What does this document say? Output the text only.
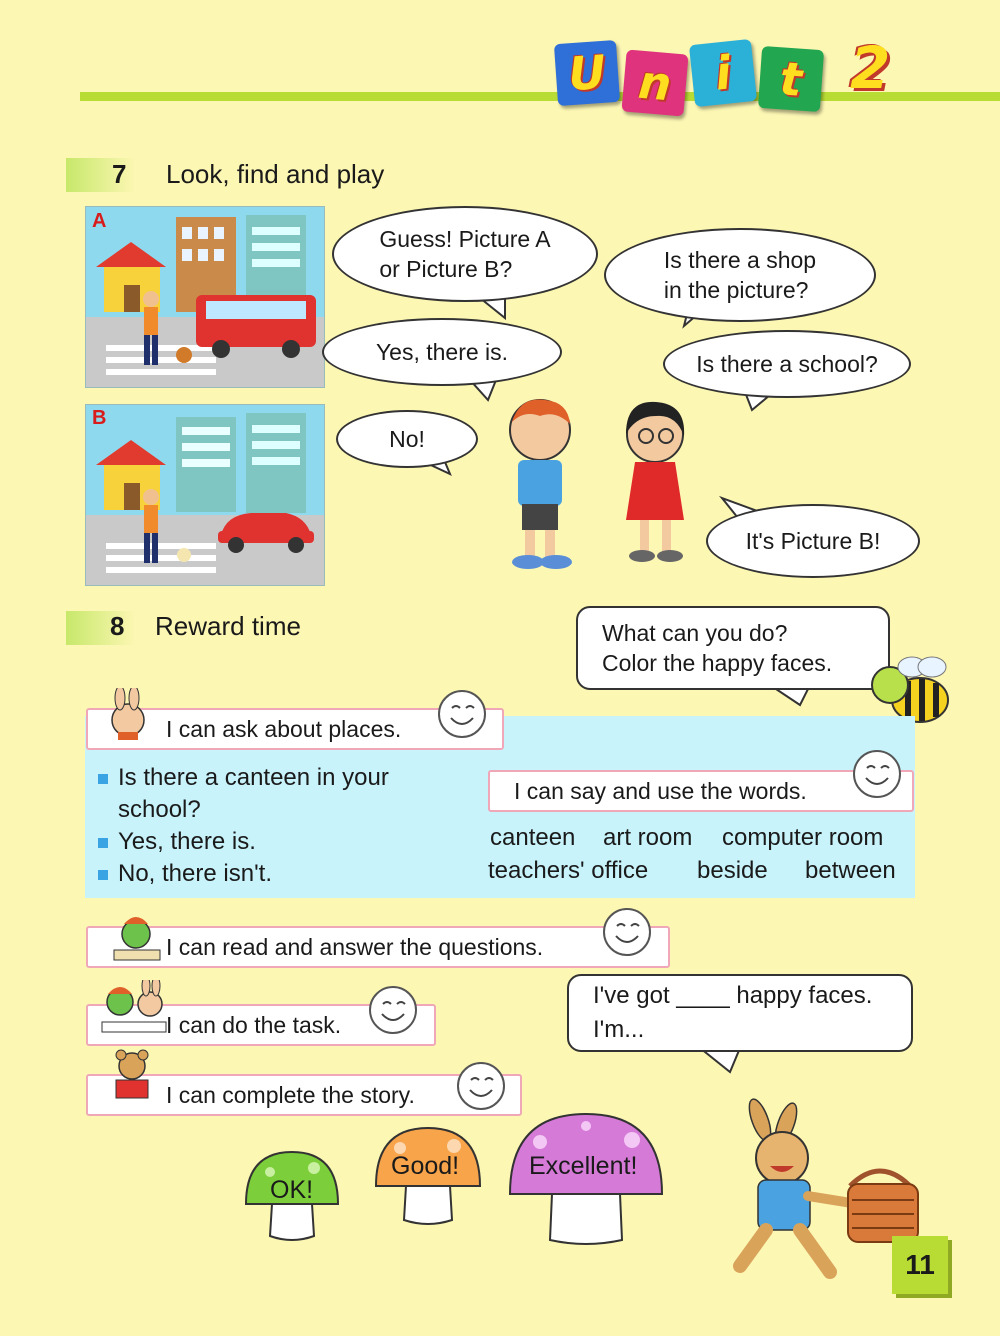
U n i t 2
7 Look, find and play
A
B
Guess! Picture A
or Picture B?	Is there a shop
in the picture?
Yes, there is.	Is there a school?
No!
It's Picture B!
8 Reward time	What can you do?
Color the happy faces.
I can ask about places.
Is there a canteen in your
school?
Yes, there is.
No, there isn't.
I can say and use the words.
canteen art room computer room
teachers' office beside between
I can read and answer the questions.
I can do the task.
I can complete the story.
I've got ____ happy faces.
I'm...
OK!
Good!	Excellent!
11
